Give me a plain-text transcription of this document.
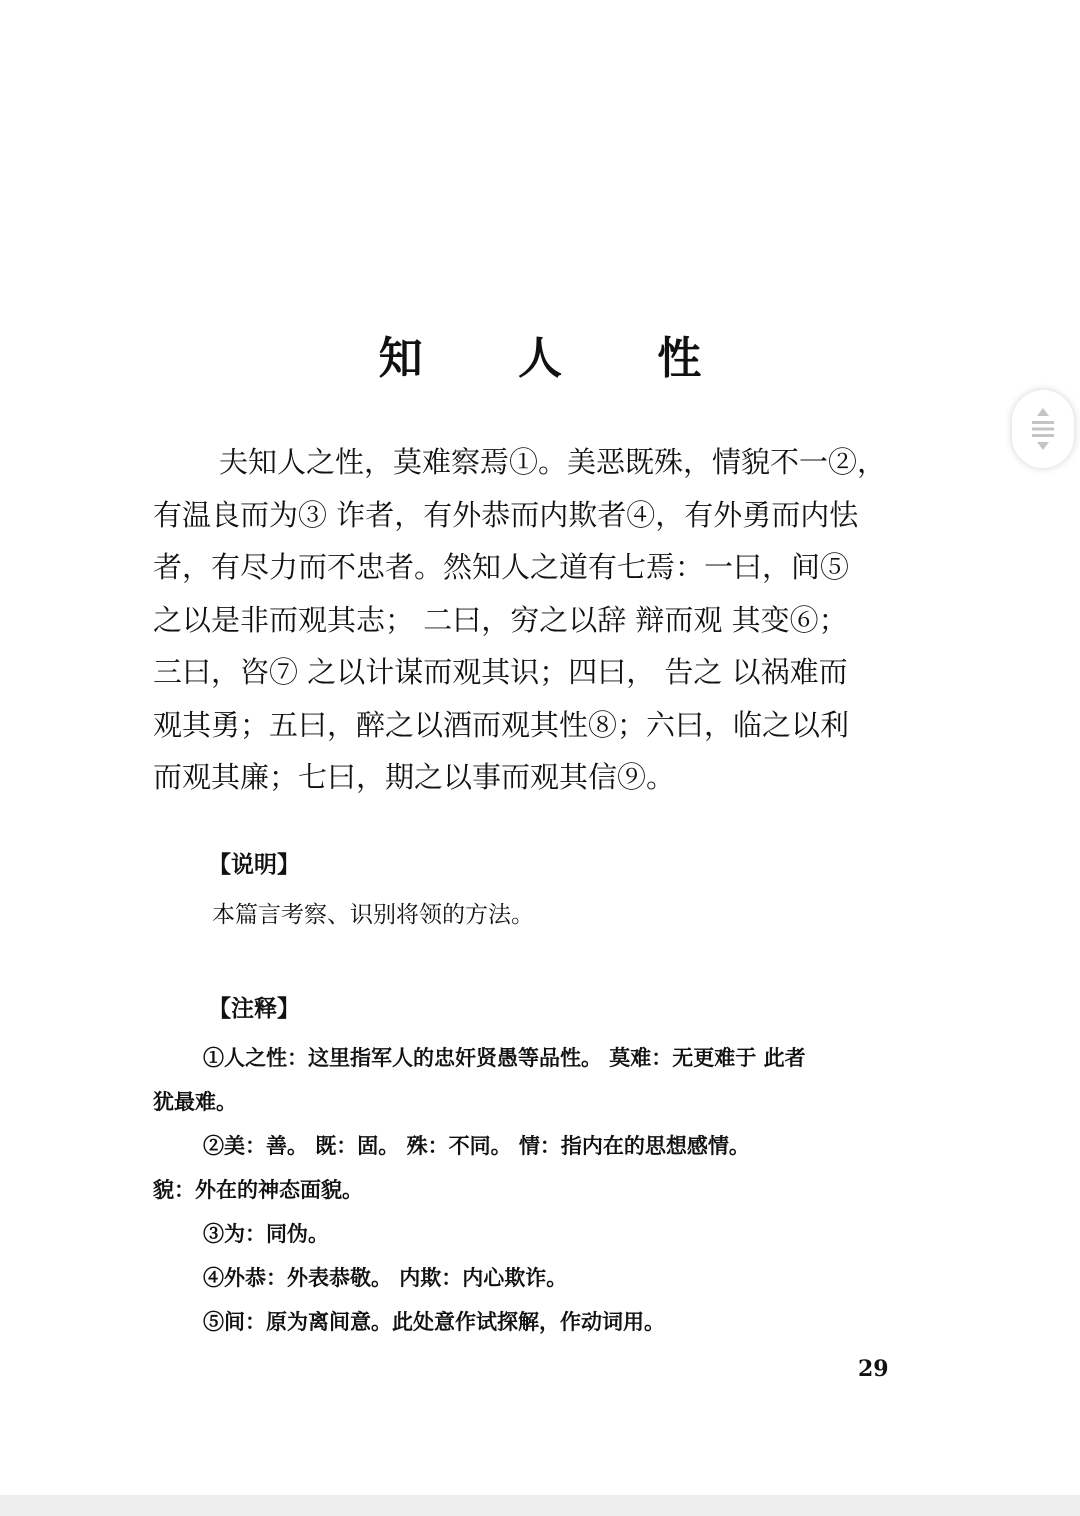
知 人 性
夫知人之性，莫难察焉①。美恶既殊，情貌不一②，
有温良而为③ 诈者，有外恭而内欺者④，有外勇而内怯
者，有尽力而不忠者。然知人之道有七焉：一曰，间⑤
之以是非而观其志； 二曰，穷之以辞 辩而观 其变⑥；
三曰，咨⑦ 之以计谋而观其识；四曰， 告之 以祸难而
观其勇；五曰，醉之以酒而观其性⑧；六曰，临之以利
而观其廉；七曰，期之以事而观其信⑨。

【说明】

本篇言考察、识别将领的方法。

【注释】

①人之性：这里指军人的忠奸贤愚等品性。 莫难：无更难于 此者
犹最难。
②美：善。 既：固。 殊：不同。 情：指内在的思想感情。
貌：外在的神态面貌。
③为：同伪。
④外恭：外表恭敬。 内欺：内心欺诈。
⑤间：原为离间意。此处意作试探解，作动词用。

29
